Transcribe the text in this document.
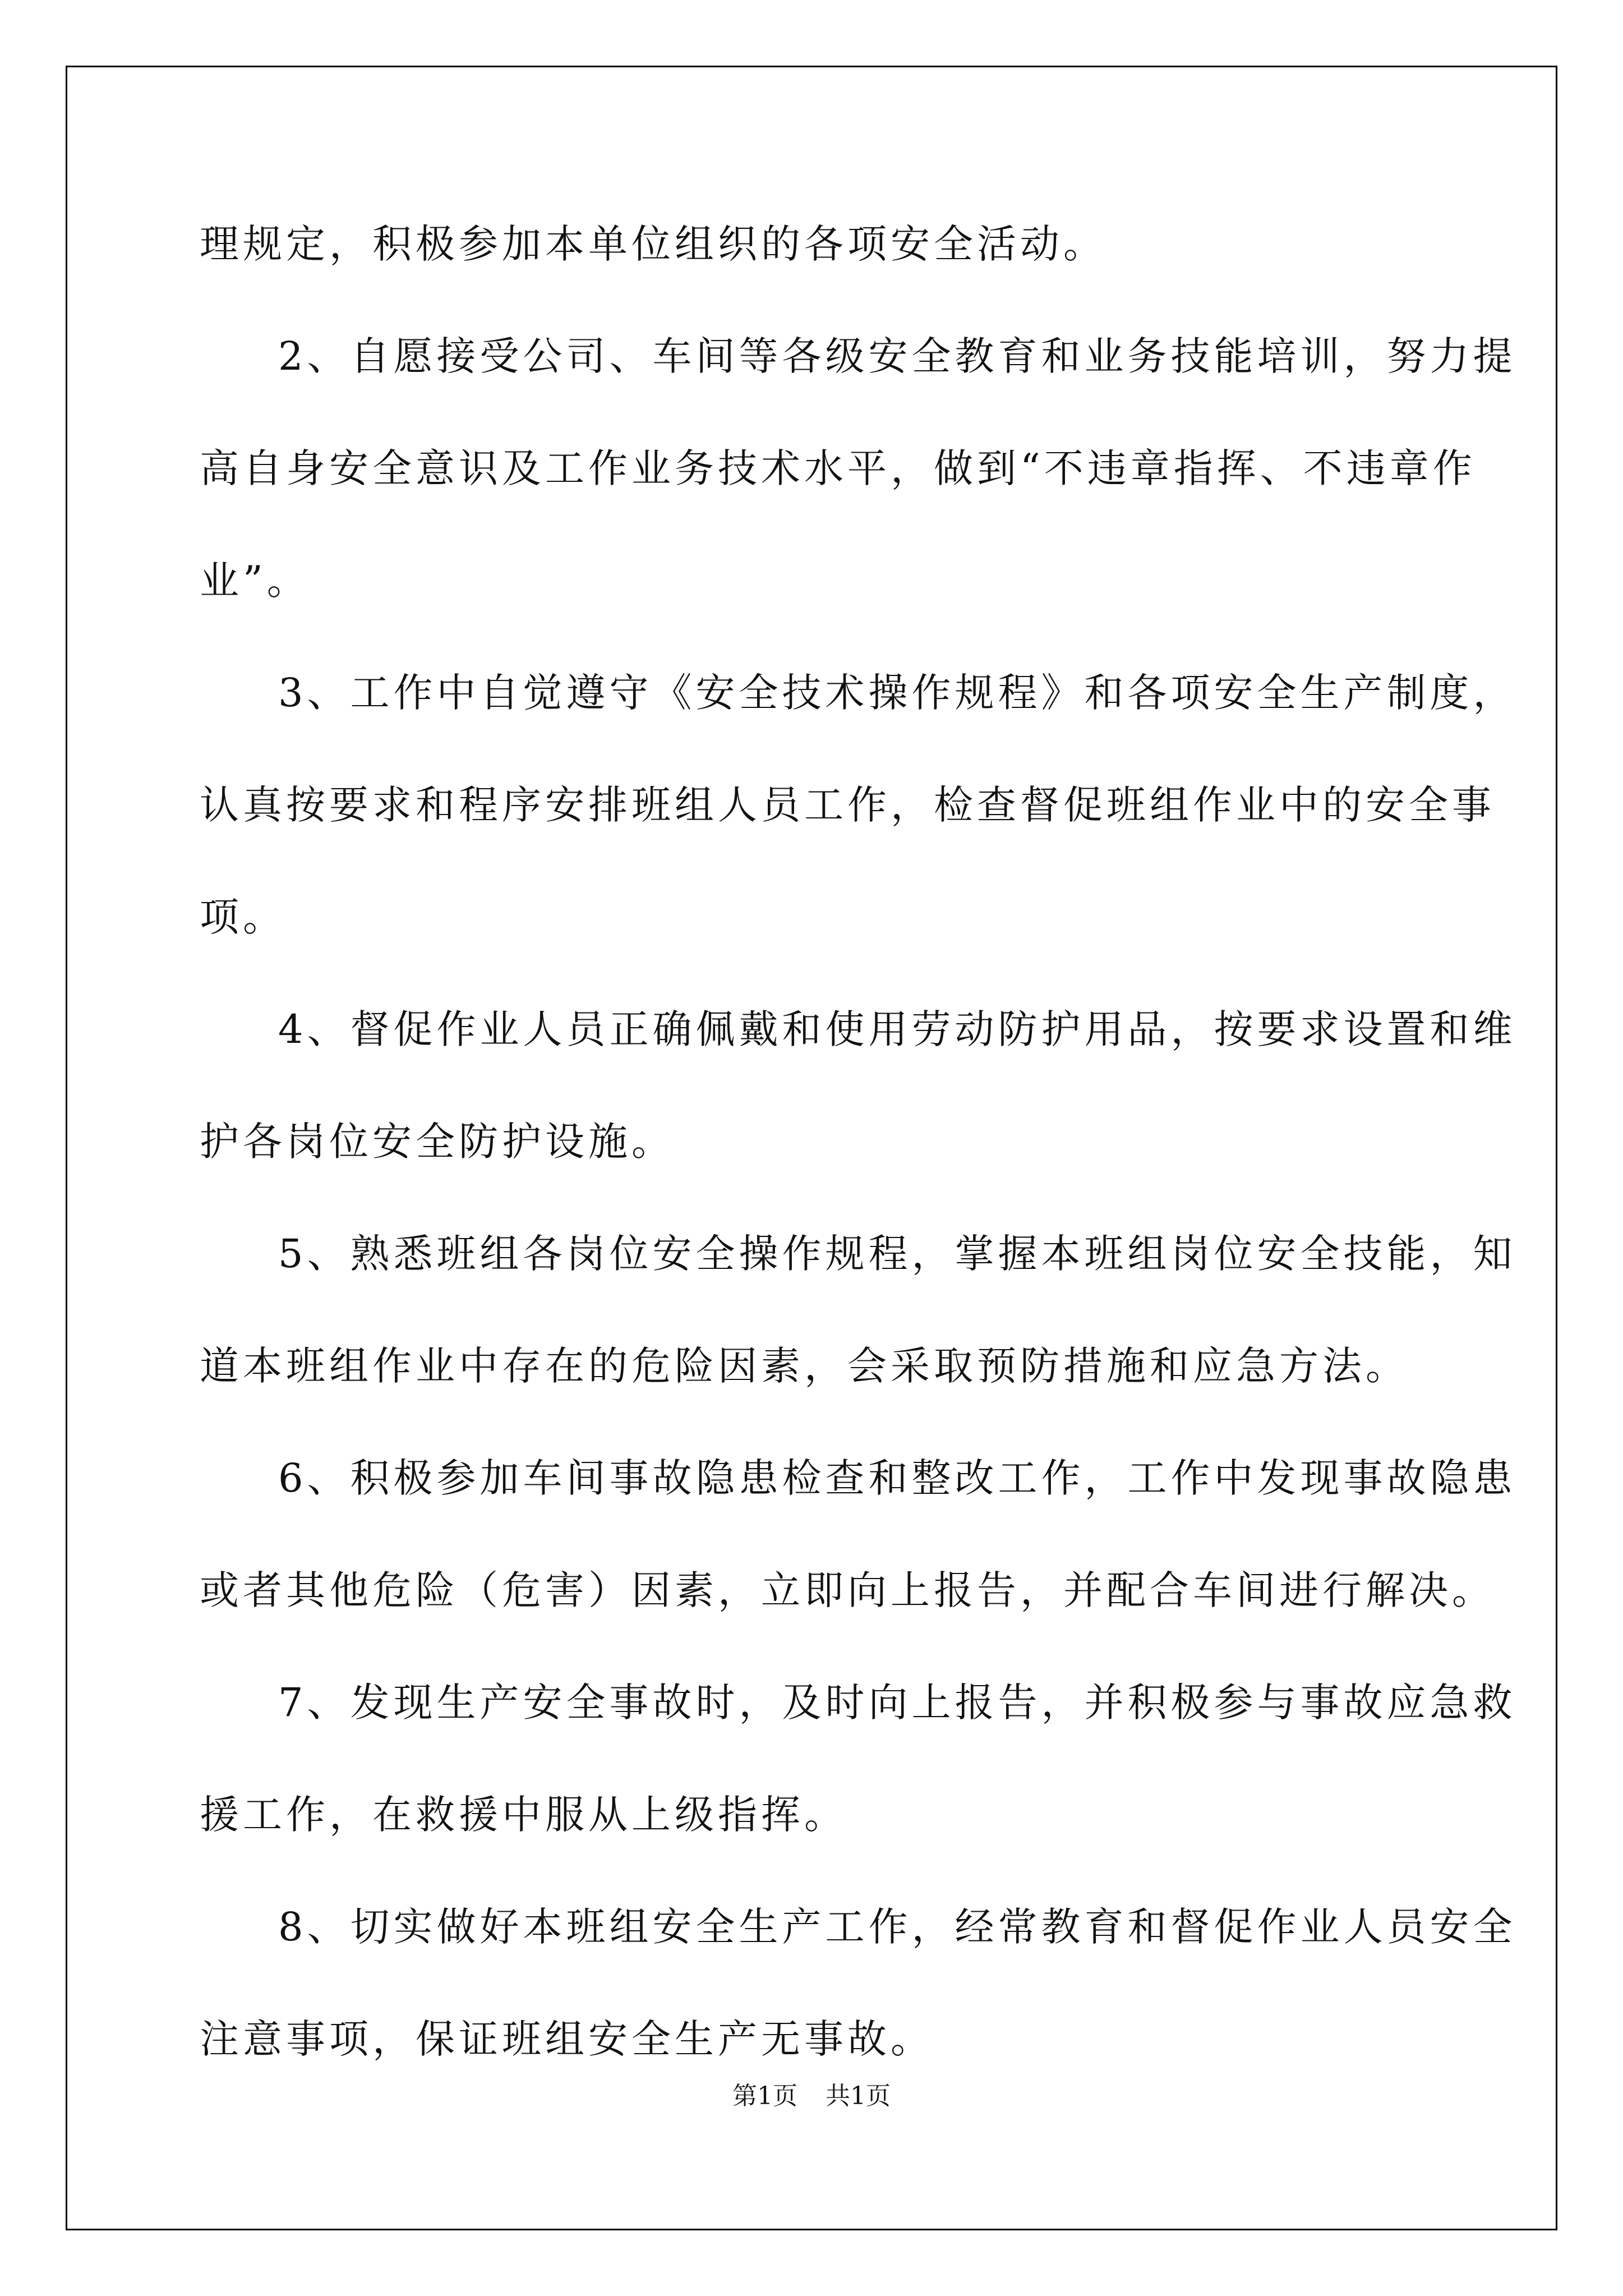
理规定，积极参加本单位组织的各项安全活动。
2、自愿接受公司、车间等各级安全教育和业务技能培训，努力提
高自身安全意识及工作业务技术水平，做到“不违章指挥、不违章作
业”。
3、工作中自觉遵守《安全技术操作规程》和各项安全生产制度，
认真按要求和程序安排班组人员工作，检查督促班组作业中的安全事
项。
4、督促作业人员正确佩戴和使用劳动防护用品，按要求设置和维
护各岗位安全防护设施。
5、熟悉班组各岗位安全操作规程，掌握本班组岗位安全技能，知
道本班组作业中存在的危险因素，会采取预防措施和应急方法。
6、积极参加车间事故隐患检查和整改工作，工作中发现事故隐患
或者其他危险（危害）因素，立即向上报告，并配合车间进行解决。
7、发现生产安全事故时，及时向上报告，并积极参与事故应急救
援工作，在救援中服从上级指挥。
8、切实做好本班组安全生产工作，经常教育和督促作业人员安全
注意事项，保证班组安全生产无事故。
第1页 共1页
